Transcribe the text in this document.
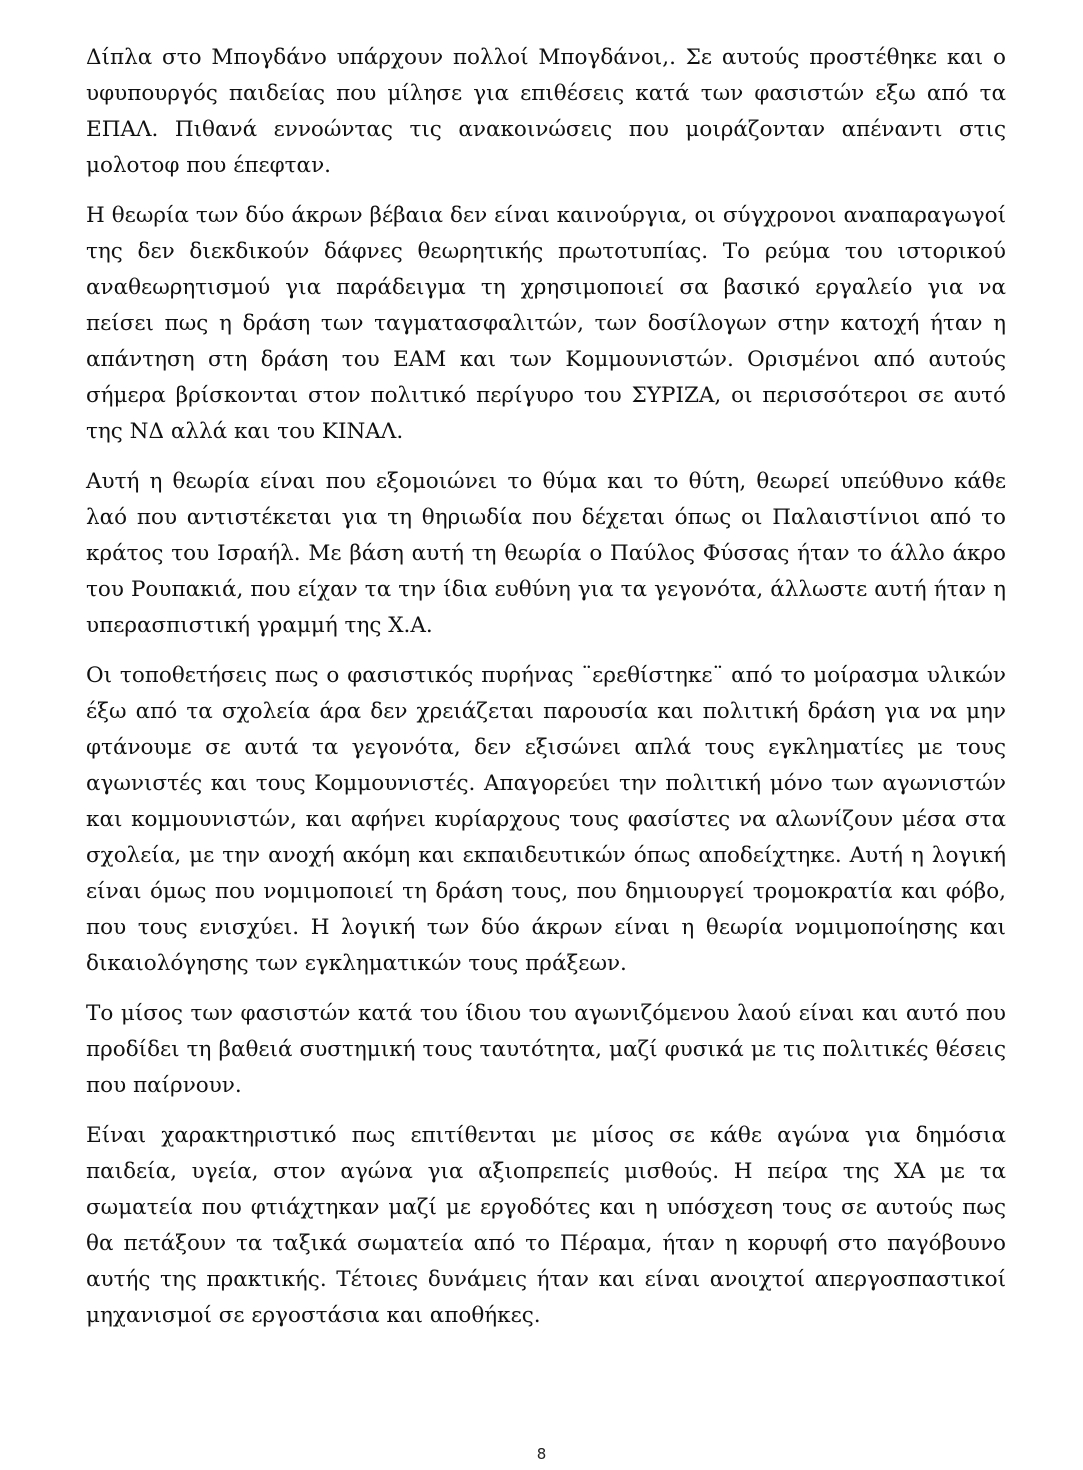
Δίπλα στο Μπογδάνο υπάρχουν πολλοί Μπογδάνοι,. Σε αυτούς προστέθηκε και ο υφυπουργός παιδείας που μίλησε για επιθέσεις κατά των φασιστών εξω από τα ΕΠΑΛ. Πιθανά εννοώντας τις ανακοινώσεις που μοιράζονταν απέναντι στις μολοτοφ που έπεφταν.

Η θεωρία των δύο άκρων βέβαια δεν είναι καινούργια, οι σύγχρονοι αναπαραγωγοί της δεν διεκδικούν δάφνες θεωρητικής πρωτοτυπίας. Το ρεύμα του ιστορικού αναθεωρητισμού για παράδειγμα τη χρησιμοποιεί σα βασικό εργαλείο για να πείσει πως η δράση των ταγματασφαλιτών, των δοσίλογων στην κατοχή ήταν η απάντηση στη δράση του ΕΑΜ και των Κομμουνιστών. Ορισμένοι από αυτούς σήμερα βρίσκονται στον πολιτικό περίγυρο του ΣΥΡΙΖΑ, οι περισσότεροι σε αυτό της ΝΔ αλλά και του ΚΙΝΑΛ.

Αυτή η θεωρία είναι που εξομοιώνει το θύμα και το θύτη, θεωρεί υπεύθυνο κάθε λαό που αντιστέκεται για τη θηριωδία που δέχεται όπως οι Παλαιστίνιοι από το κράτος του Ισραήλ. Με βάση αυτή τη θεωρία ο Παύλος Φύσσας ήταν το άλλο άκρο του Ρουπακιά, που είχαν τα την ίδια ευθύνη για τα γεγονότα, άλλωστε αυτή ήταν η υπερασπιστική γραμμή της Χ.Α.

Οι τοποθετήσεις πως ο φασιστικός πυρήνας ¨ερεθίστηκε¨ από το μοίρασμα υλικών έξω από τα σχολεία άρα δεν χρειάζεται παρουσία και πολιτική δράση για να μην φτάνουμε σε αυτά τα γεγονότα, δεν εξισώνει απλά τους εγκληματίες με τους αγωνιστές και τους Κομμουνιστές. Απαγορεύει την πολιτική μόνο των αγωνιστών και κομμουνιστών, και αφήνει κυρίαρχους τους φασίστες να αλωνίζουν μέσα στα σχολεία, με την ανοχή ακόμη και εκπαιδευτικών όπως αποδείχτηκε. Αυτή η λογική είναι όμως που νομιμοποιεί τη δράση τους, που δημιουργεί τρομοκρατία και φόβο, που τους ενισχύει. Η λογική των δύο άκρων είναι η θεωρία νομιμοποίησης και δικαιολόγησης των εγκληματικών τους πράξεων.

Το μίσος των φασιστών κατά του ίδιου του αγωνιζόμενου λαού είναι και αυτό που προδίδει τη βαθειά συστημική τους ταυτότητα, μαζί φυσικά με τις πολιτικές θέσεις που παίρνουν.

Είναι χαρακτηριστικό πως επιτίθενται με μίσος σε κάθε αγώνα για δημόσια παιδεία, υγεία, στον αγώνα για αξιοπρεπείς μισθούς. Η πείρα της ΧΑ με τα σωματεία που φτιάχτηκαν μαζί με εργοδότες και η υπόσχεση τους σε αυτούς πως θα πετάξουν τα ταξικά σωματεία από το Πέραμα, ήταν η κορυφή στο παγόβουνο αυτής της πρακτικής. Τέτοιες δυνάμεις ήταν και είναι ανοιχτοί απεργοσπαστικοί μηχανισμοί σε εργοστάσια και αποθήκες.

8
